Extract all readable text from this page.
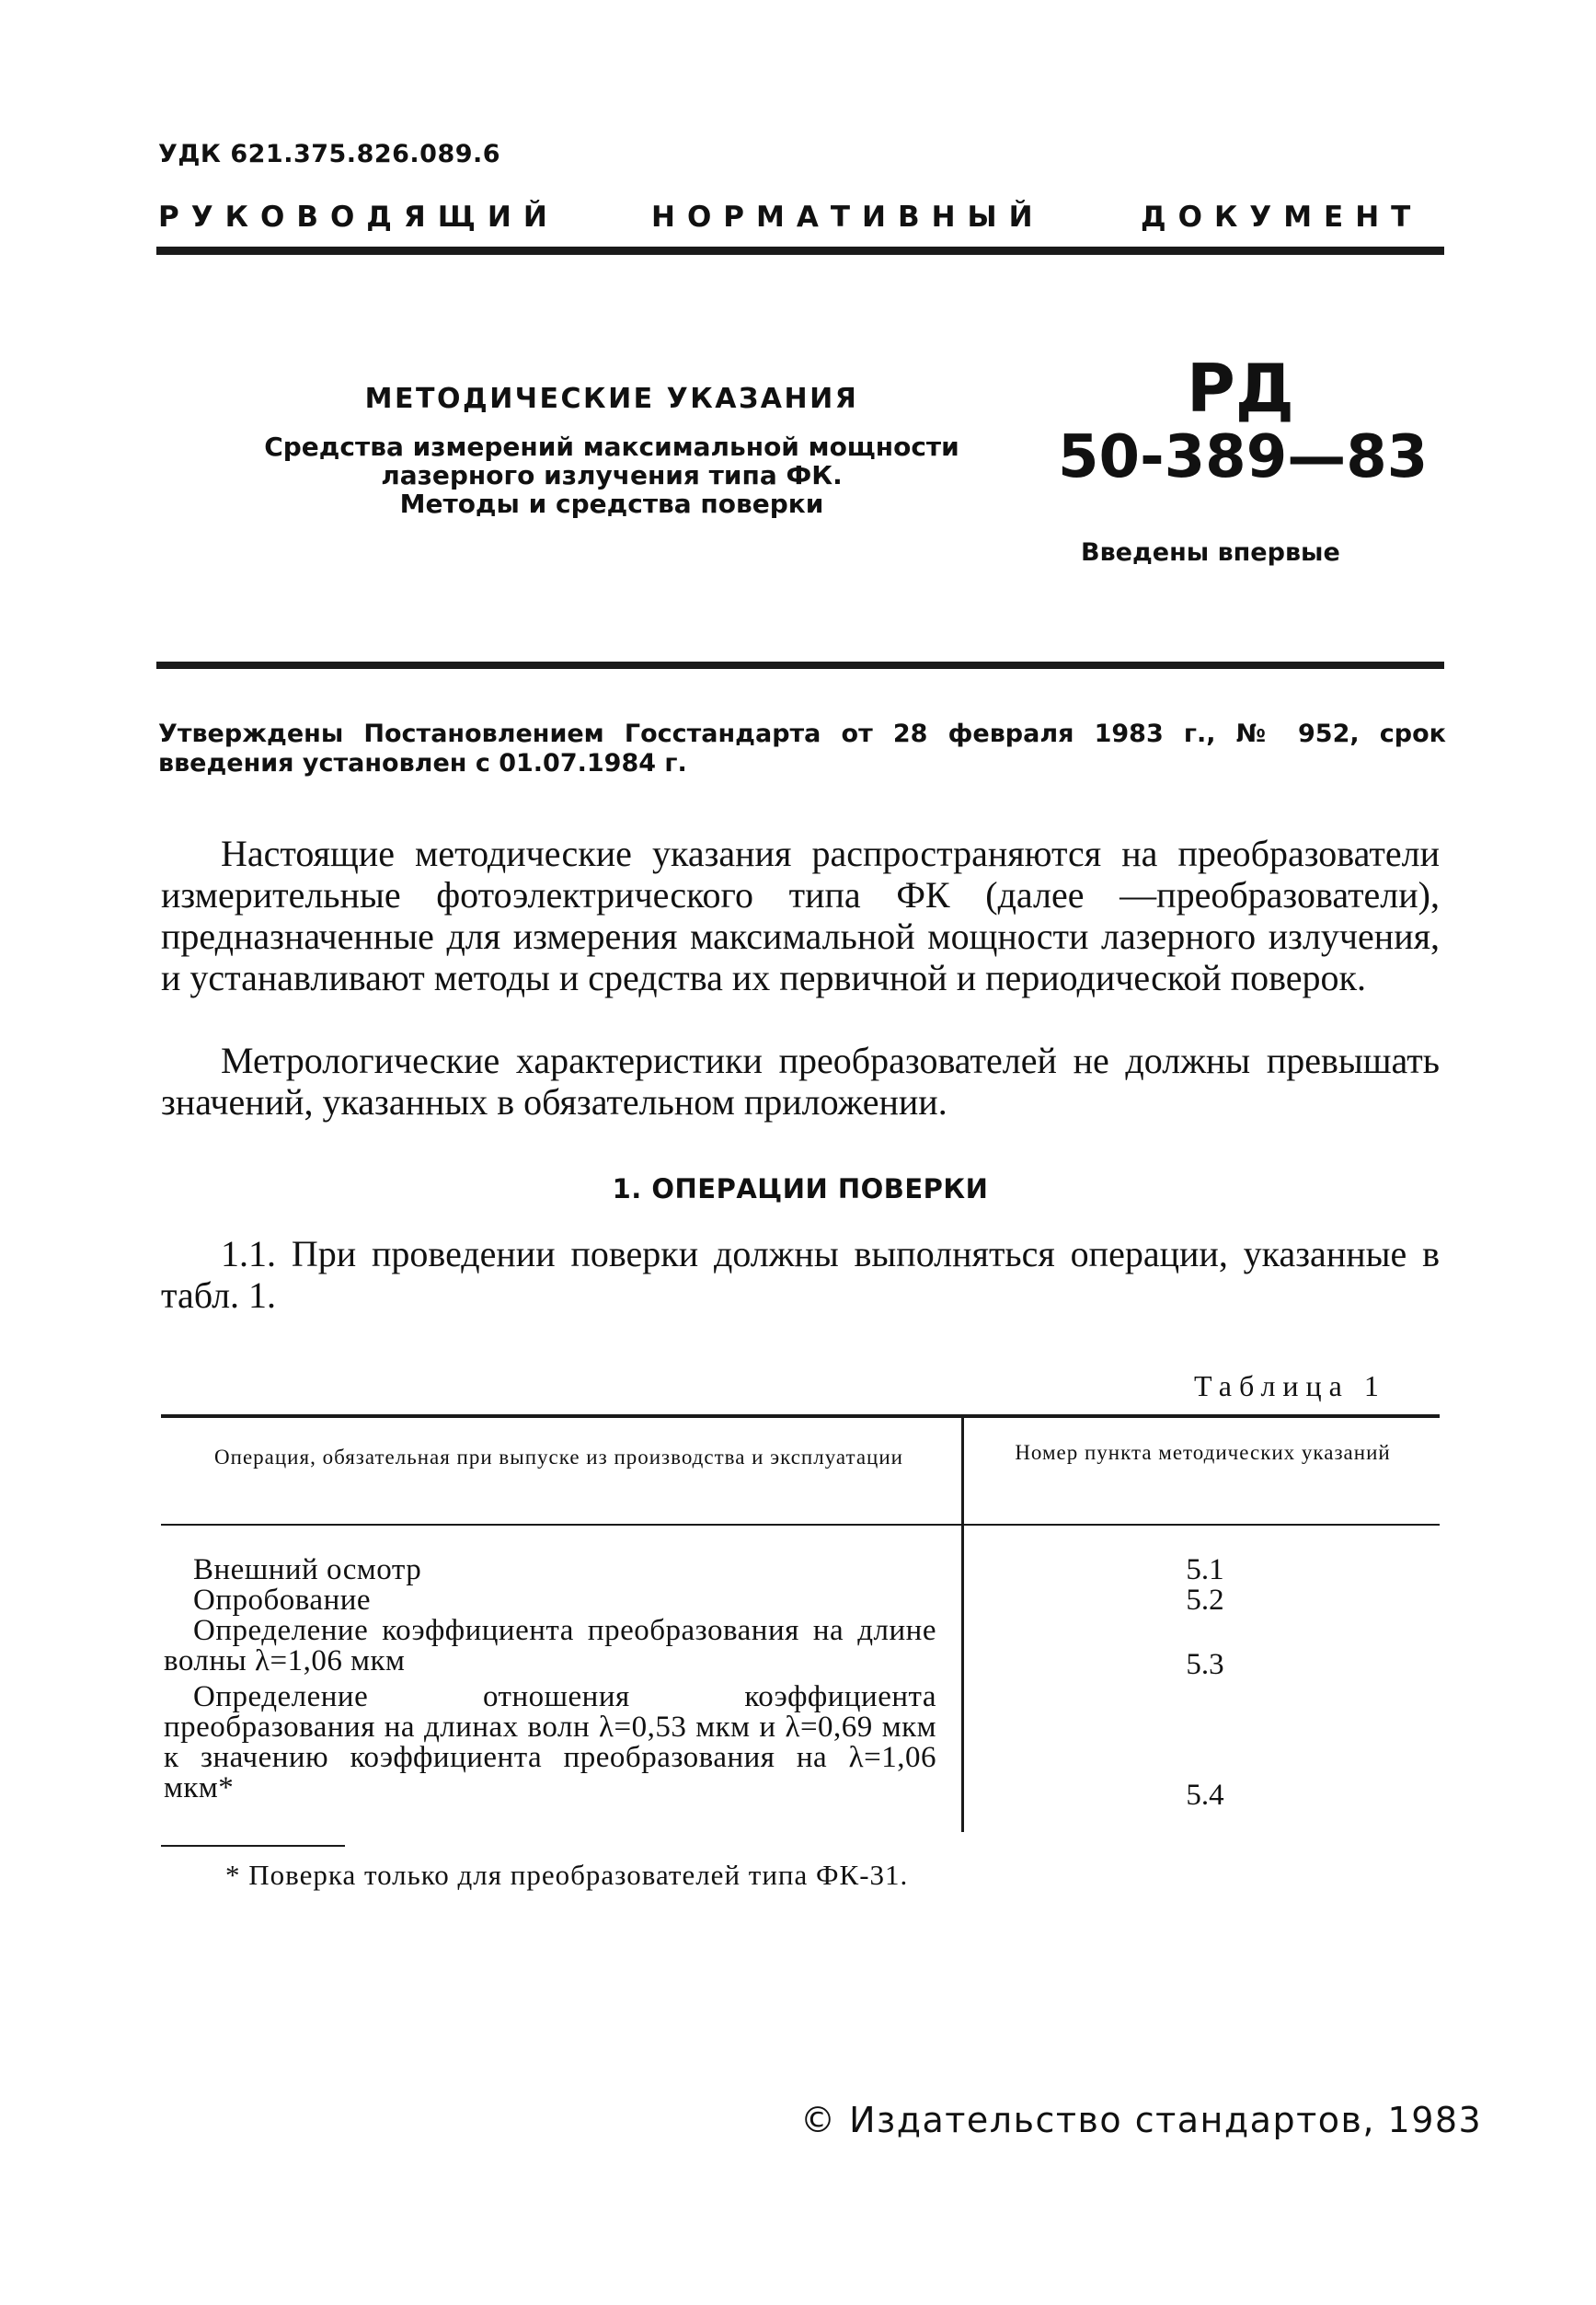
УДК 621.375.826.089.6
РУКОВОДЯЩИЙ	НОРМАТИВНЫЙ	ДОКУМЕНТ
МЕТОДИЧЕСКИЕ УКАЗАНИЯ
Средства измерений максимальной мощности
лазерного излучения типа ФК.
Методы и средства поверки
РД
50-389—83
Введены впервые
Утверждены Постановлением Госстандарта от 28 февраля 1983 г., № 952, срок введения установлен с 01.07.1984 г.
Настоящие методические указания распространяются на преобразователи измерительные фотоэлектрического типа ФК (далее —преобразователи), предназначенные для измерения максимальной мощности лазерного излучения, и устанавливают методы и средства их первичной и периодической поверок.
Метрологические характеристики преобразователей не должны превышать значений, указанных в обязательном приложении.
1. ОПЕРАЦИИ ПОВЕРКИ
1.1. При проведении поверки должны выполняться операции, указанные в табл. 1.
Таблица 1
Операция, обязательная при выпуске из производства и эксплуатации	Номер пункта методических указаний
Внешний осмотр	5.1
Опробование	5.2
Определение коэффициента преобразования на длине волны λ=1,06 мкм	5.3
Определение отношения коэффициента преобразования на длинах волн λ=0,53 мкм и λ=0,69 мкм к значению коэффициента преобразования на λ=1,06 мкм*	5.4
* Поверка только для преобразователей типа ФК-31.
© Издательство стандартов, 1983
